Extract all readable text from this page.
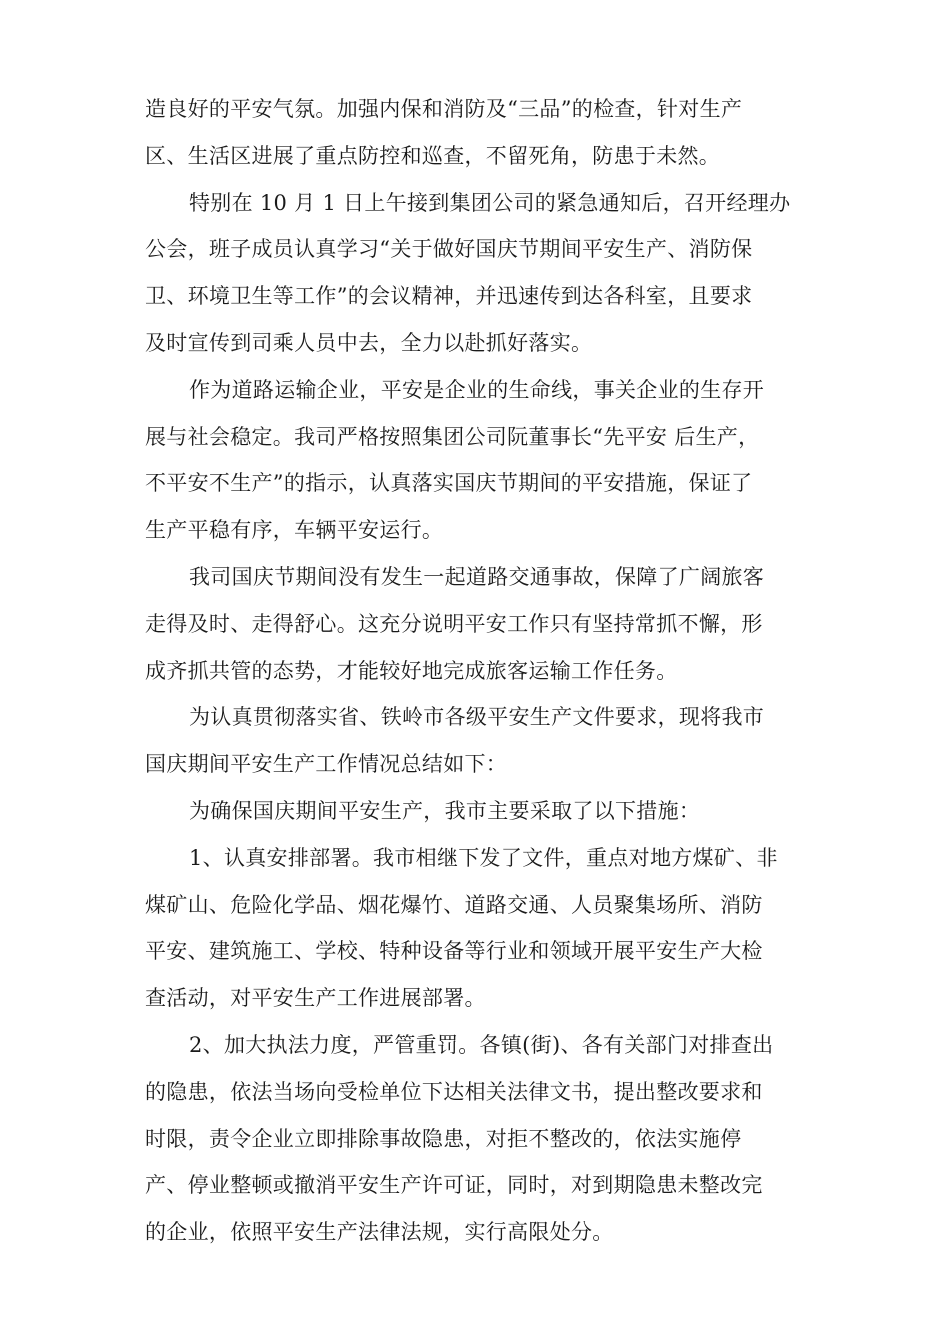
造良好的平安气氛。加强内保和消防及“三品”的检查，针对生产
区、生活区进展了重点防控和巡查，不留死角，防患于未然。
特别在 10 月 1 日上午接到集团公司的紧急通知后，召开经理办
公会，班子成员认真学习“关于做好国庆节期间平安生产、消防保
卫、环境卫生等工作”的会议精神，并迅速传到达各科室，且要求
及时宣传到司乘人员中去，全力以赴抓好落实。
作为道路运输企业，平安是企业的生命线，事关企业的生存开
展与社会稳定。我司严格按照集团公司阮董事长“先平安 后生产，
不平安不生产”的指示，认真落实国庆节期间的平安措施，保证了
生产平稳有序，车辆平安运行。
我司国庆节期间没有发生一起道路交通事故，保障了广阔旅客
走得及时、走得舒心。这充分说明平安工作只有坚持常抓不懈，形
成齐抓共管的态势，才能较好地完成旅客运输工作任务。
为认真贯彻落实省、铁岭市各级平安生产文件要求，现将我市
国庆期间平安生产工作情况总结如下：
为确保国庆期间平安生产，我市主要采取了以下措施：
1、认真安排部署。我市相继下发了文件，重点对地方煤矿、非
煤矿山、危险化学品、烟花爆竹、道路交通、人员聚集场所、消防
平安、建筑施工、学校、特种设备等行业和领域开展平安生产大检
查活动，对平安生产工作进展部署。
2、加大执法力度，严管重罚。各镇(街)、各有关部门对排查出
的隐患，依法当场向受检单位下达相关法律文书，提出整改要求和
时限，责令企业立即排除事故隐患，对拒不整改的，依法实施停
产、停业整顿或撤消平安生产许可证，同时，对到期隐患未整改完
的企业，依照平安生产法律法规，实行高限处分。
